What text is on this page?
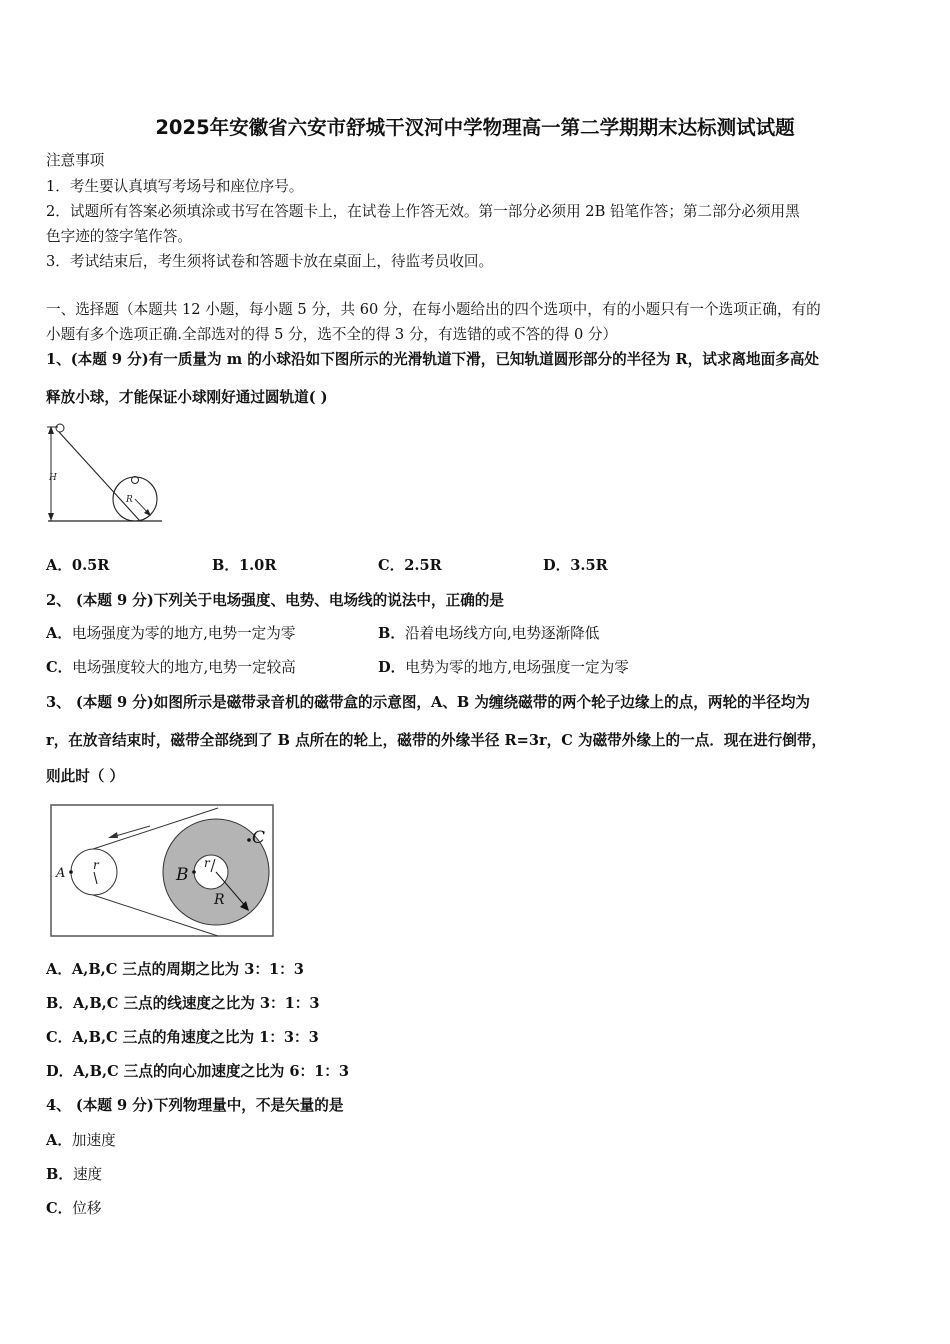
2025年安徽省六安市舒城干汊河中学物理高一第二学期期末达标测试试题
注意事项
1．考生要认真填写考场号和座位序号。
2．试题所有答案必须填涂或书写在答题卡上，在试卷上作答无效。第一部分必须用 2B 铅笔作答；第二部分必须用黑
色字迹的签字笔作答。
3．考试结束后，考生须将试卷和答题卡放在桌面上，待监考员收回。
一、选择题（本题共 12 小题，每小题 5 分，共 60 分，在每小题给出的四个选项中，有的小题只有一个选项正确，有的
小题有多个选项正确.全部选对的得 5 分，选不全的得 3 分，有选错的或不答的得 0 分）
1、(本题 9 分)有一质量为 m 的小球沿如下图所示的光滑轨道下滑，已知轨道圆形部分的半径为 R，试求离地面多高处
释放小球，才能保证小球刚好通过圆轨道( )
H
R
A．0.5R	B．1.0R	C．2.5R	D．3.5R
2、 (本题 9 分)下列关于电场强度、电势、电场线的说法中，正确的是
A．电场强度为零的地方,电势一定为零	B．沿着电场线方向,电势逐渐降低
C．电场强度较大的地方,电势一定较高	D．电势为零的地方,电场强度一定为零
3、 (本题 9 分)如图所示是磁带录音机的磁带盒的示意图，A、B 为缠绕磁带的两个轮子边缘上的点，两轮的半径均为
r，在放音结束时，磁带全部绕到了 B 点所在的轮上，磁带的外缘半径 R=3r，C 为磁带外缘上的一点．现在进行倒带，
则此时（ ）
A
r	B
r
R
C
A．A,B,C 三点的周期之比为 3：1：3
B．A,B,C 三点的线速度之比为 3：1：3
C．A,B,C 三点的角速度之比为 1：3：3
D．A,B,C 三点的向心加速度之比为 6：1：3
4、 (本题 9 分)下列物理量中，不是矢量的是
A．加速度
B．速度
C．位移
